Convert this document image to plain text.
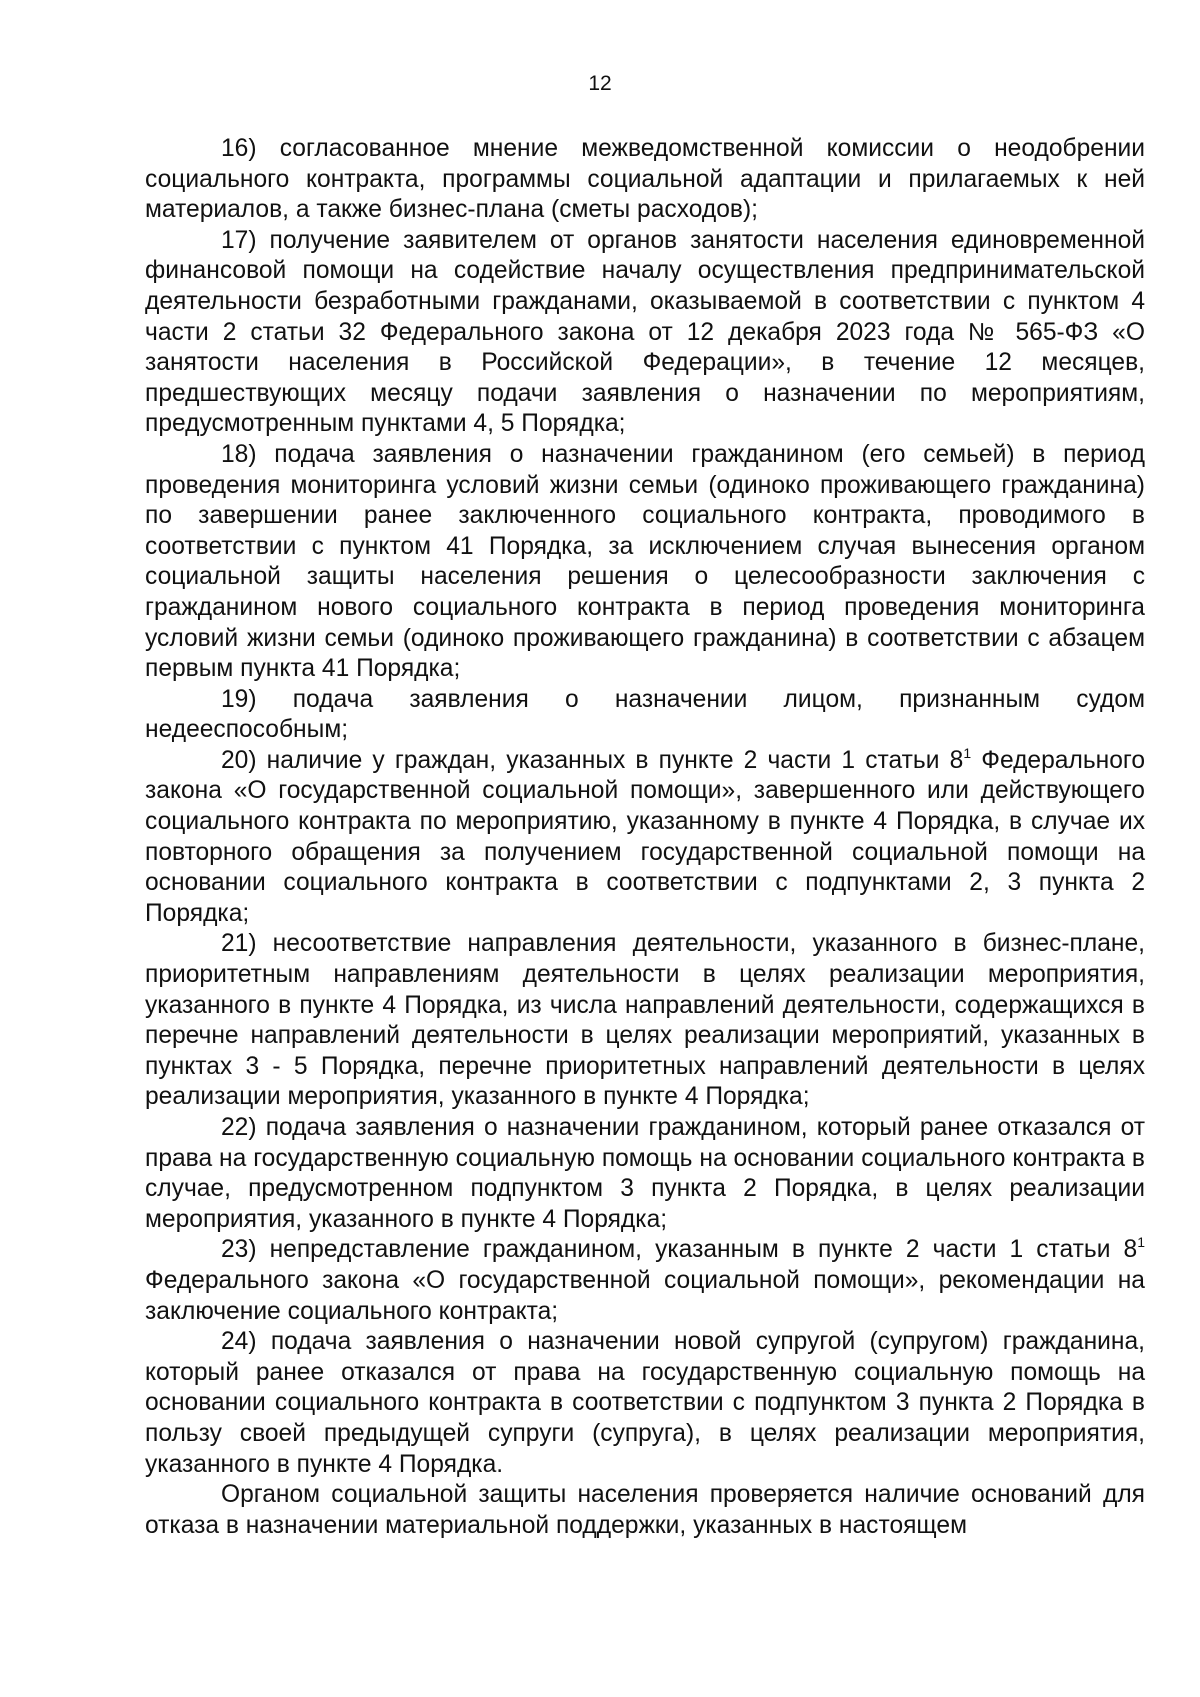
12

16) согласованное мнение межведомственной комиссии о неодобрении социального контракта, программы социальной адаптации и прилагаемых к ней материалов, а также бизнес-плана (сметы расходов);

17) получение заявителем от органов занятости населения единовременной финансовой помощи на содействие началу осуществления предпринимательской деятельности безработными гражданами, оказываемой в соответствии с пунктом 4 части 2 статьи 32 Федерального закона от 12 декабря 2023 года № 565-ФЗ «О занятости населения в Российской Федерации», в течение 12 месяцев, предшествующих месяцу подачи заявления о назначении по мероприятиям, предусмотренным пунктами 4, 5 Порядка;

18) подача заявления о назначении гражданином (его семьей) в период проведения мониторинга условий жизни семьи (одиноко проживающего гражданина) по завершении ранее заключенного социального контракта, проводимого в соответствии с пунктом 41 Порядка, за исключением случая вынесения органом социальной защиты населения решения о целесообразности заключения с гражданином нового социального контракта в период проведения мониторинга условий жизни семьи (одиноко проживающего гражданина) в соответствии с абзацем первым пункта 41 Порядка;

19) подача заявления о назначении лицом, признанным судом недееспособным;

20) наличие у граждан, указанных в пункте 2 части 1 статьи $8^1$ Федерального закона «О государственной социальной помощи», завершенного или действующего социального контракта по мероприятию, указанному в пункте 4 Порядка, в случае их повторного обращения за получением государственной социальной помощи на основании социального контракта в соответствии с подпунктами 2, 3 пункта 2 Порядка;

21) несоответствие направления деятельности, указанного в бизнес-плане, приоритетным направлениям деятельности в целях реализации мероприятия, указанного в пункте 4 Порядка, из числа направлений деятельности, содержащихся в перечне направлений деятельности в целях реализации мероприятий, указанных в пунктах 3 - 5 Порядка, перечне приоритетных направлений деятельности в целях реализации мероприятия, указанного в пункте 4 Порядка;

22) подача заявления о назначении гражданином, который ранее отказался от права на государственную социальную помощь на основании социального контракта в случае, предусмотренном подпунктом 3 пункта 2 Порядка, в целях реализации мероприятия, указанного в пункте 4 Порядка;

23) непредставление гражданином, указанным в пункте 2 части 1 статьи $8^1$ Федерального закона «О государственной социальной помощи», рекомендации на заключение социального контракта;

24) подача заявления о назначении новой супругой (супругом) гражданина, который ранее отказался от права на государственную социальную помощь на основании социального контракта в соответствии с подпунктом 3 пункта 2 Порядка в пользу своей предыдущей супруги (супруга), в целях реализации мероприятия, указанного в пункте 4 Порядка.

Органом социальной защиты населения проверяется наличие оснований для отказа в назначении материальной поддержки, указанных в настоящем
